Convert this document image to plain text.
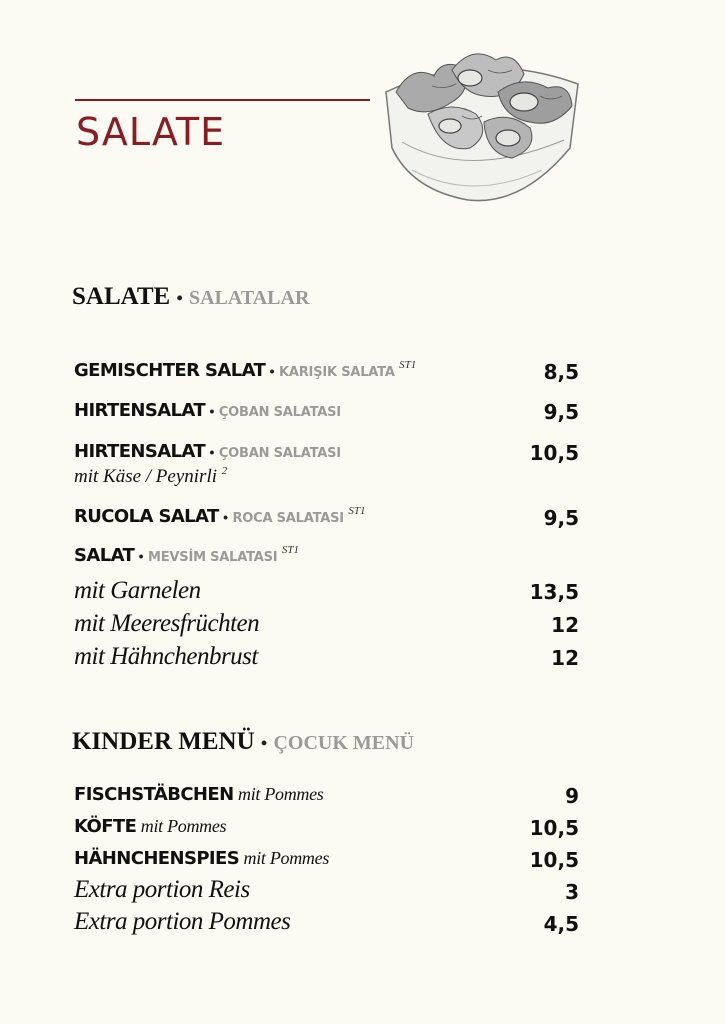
SALATE
SALATE • SALATALAR
GEMISCHTER SALAT • KARIŞIK SALATA $^{ST1}$	8,5
HIRTENSALAT • ÇOBAN SALATASI	9,5
HIRTENSALAT • ÇOBAN SALATASI	10,5
mit Käse / Peynirli $^2$
RUCOLA SALAT • ROCA SALATASI $^{ST1}$	9,5
SALAT • MEVSİM SALATASI $^{ST1}$
mit Garnelen	13,5
mit Meeresfrüchten	12
mit Hähnchenbrust	12
KINDER MENÜ • ÇOCUK MENÜ
FISCHSTÄBCHEN mit Pommes	9
KÖFTE mit Pommes	10,5
HÄHNCHENSPIES mit Pommes	10,5
Extra portion Reis	3
Extra portion Pommes	4,5
